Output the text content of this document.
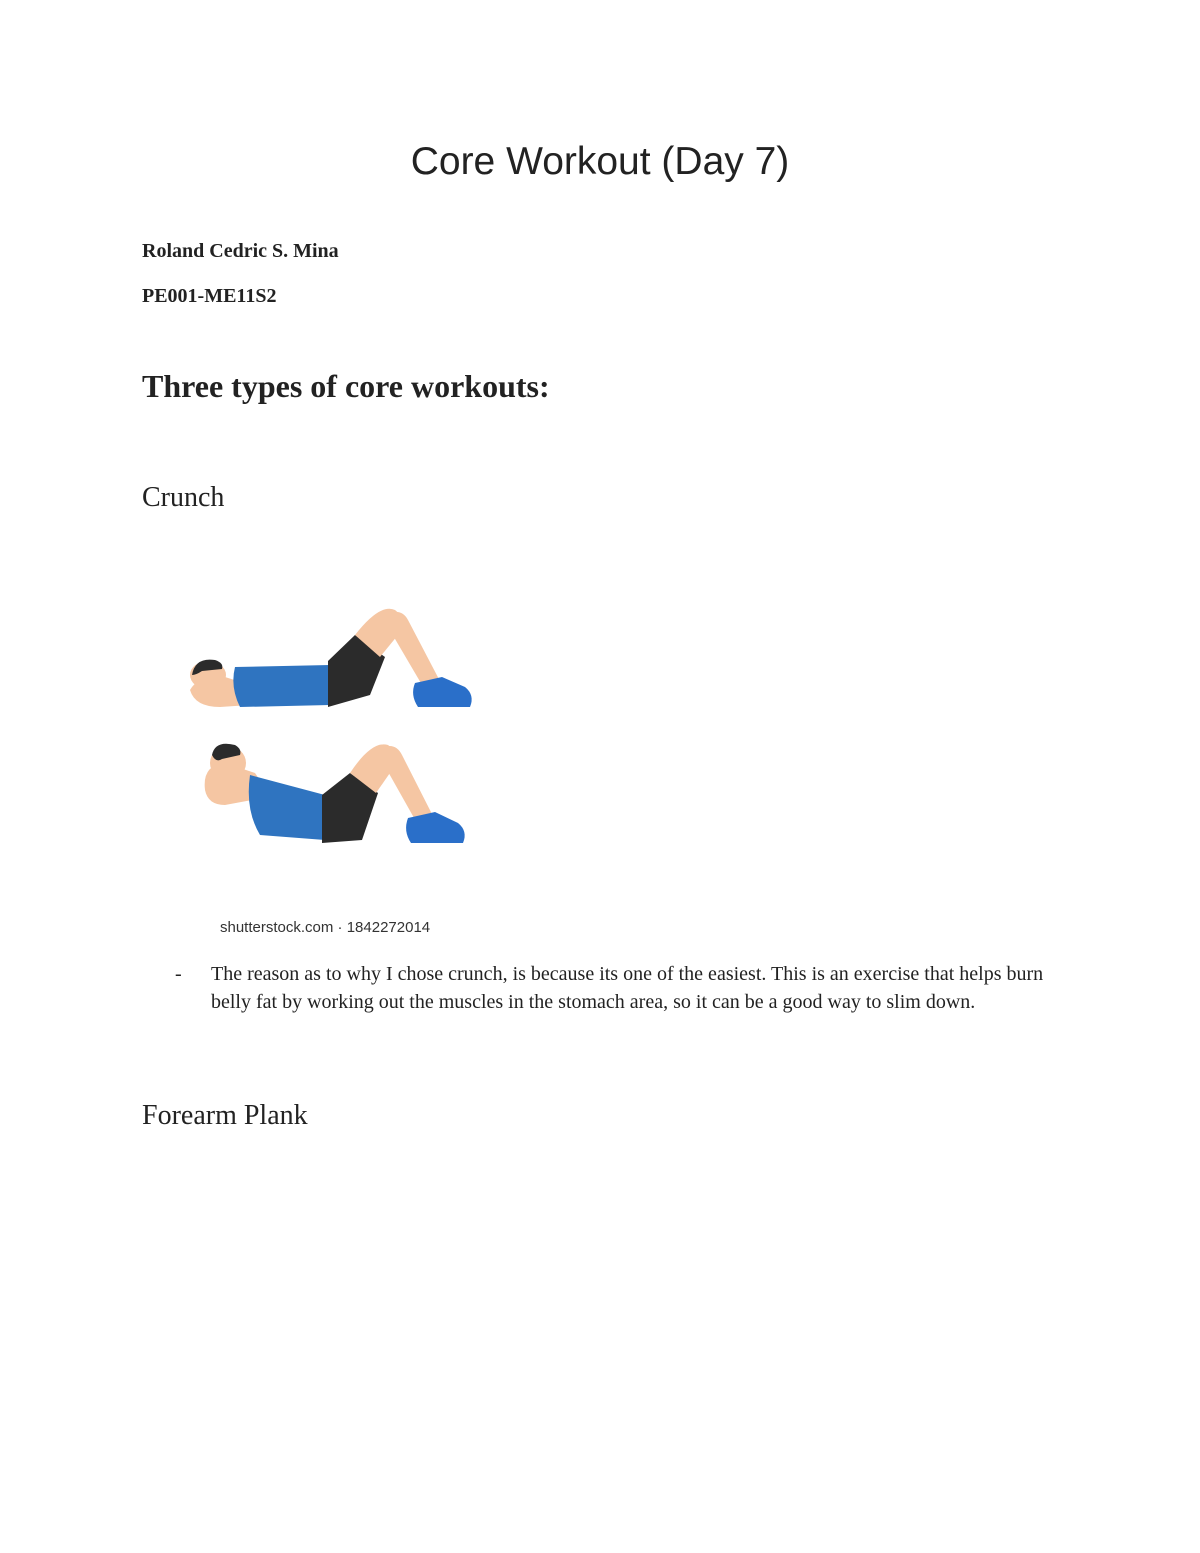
Core Workout (Day 7)

Roland Cedric S. Mina

PE001-ME11S2

Three types of core workouts:
Crunch
shutterstock.com · 1842272014
- The reason as to why I chose crunch, is because its one of the easiest. This is an exercise that helps burn belly fat by working out the muscles in the stomach area, so it can be a good way to slim down.
Forearm Plank
